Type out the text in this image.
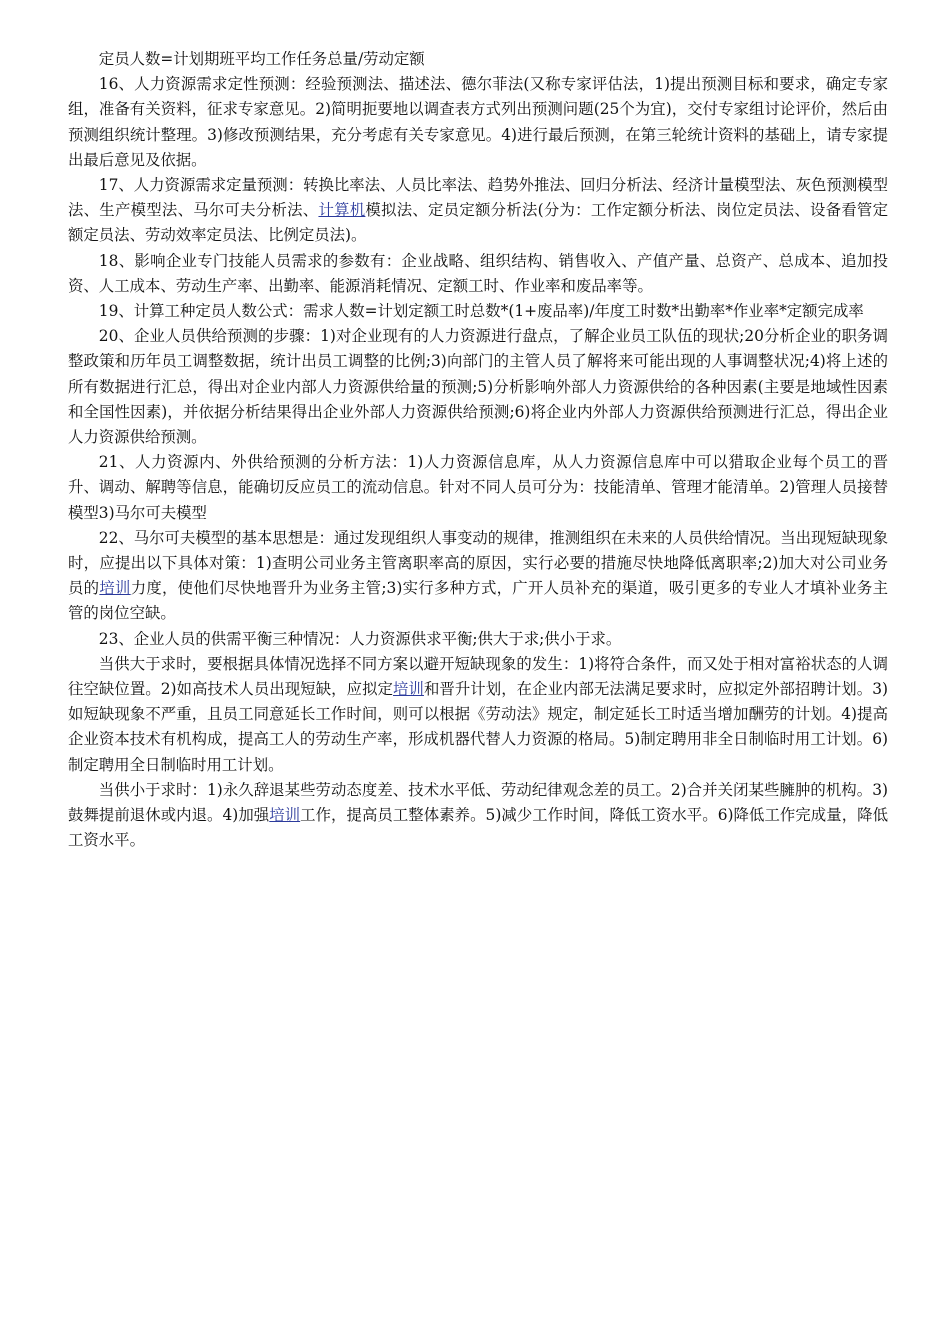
定员人数=计划期班平均工作任务总量/劳动定额

16、人力资源需求定性预测：经验预测法、描述法、德尔菲法(又称专家评估法，1)提出预测目标和要求，确定专家组，准备有关资料，征求专家意见。2)简明扼要地以调查表方式列出预测问题(25个为宜)，交付专家组讨论评价，然后由预测组织统计整理。3)修改预测结果，充分考虑有关专家意见。4)进行最后预测，在第三轮统计资料的基础上，请专家提出最后意见及依据。

17、人力资源需求定量预测：转换比率法、人员比率法、趋势外推法、回归分析法、经济计量模型法、灰色预测模型法、生产模型法、马尔可夫分析法、计算机模拟法、定员定额分析法(分为：工作定额分析法、岗位定员法、设备看管定额定员法、劳动效率定员法、比例定员法)。

18、影响企业专门技能人员需求的参数有：企业战略、组织结构、销售收入、产值产量、总资产、总成本、追加投资、人工成本、劳动生产率、出勤率、能源消耗情况、定额工时、作业率和废品率等。

19、计算工种定员人数公式：需求人数=计划定额工时总数*(1+废品率)/年度工时数*出勤率*作业率*定额完成率

20、企业人员供给预测的步骤：1)对企业现有的人力资源进行盘点，了解企业员工队伍的现状;20分析企业的职务调整政策和历年员工调整数据，统计出员工调整的比例;3)向部门的主管人员了解将来可能出现的人事调整状况;4)将上述的所有数据进行汇总，得出对企业内部人力资源供给量的预测;5)分析影响外部人力资源供给的各种因素(主要是地域性因素和全国性因素)，并依据分析结果得出企业外部人力资源供给预测;6)将企业内外部人力资源供给预测进行汇总，得出企业人力资源供给预测。

21、人力资源内、外供给预测的分析方法：1)人力资源信息库，从人力资源信息库中可以猎取企业每个员工的晋升、调动、解聘等信息，能确切反应员工的流动信息。针对不同人员可分为：技能清单、管理才能清单。2)管理人员接替模型3)马尔可夫模型

22、马尔可夫模型的基本思想是：通过发现组织人事变动的规律，推测组织在未来的人员供给情况。当出现短缺现象时，应提出以下具体对策：1)查明公司业务主管离职率高的原因，实行必要的措施尽快地降低离职率;2)加大对公司业务员的培训力度，使他们尽快地晋升为业务主管;3)实行多种方式，广开人员补充的渠道，吸引更多的专业人才填补业务主管的岗位空缺。

23、企业人员的供需平衡三种情况：人力资源供求平衡;供大于求;供小于求。

当供大于求时，要根据具体情况选择不同方案以避开短缺现象的发生：1)将符合条件，而又处于相对富裕状态的人调往空缺位置。2)如高技术人员出现短缺，应拟定培训和晋升计划，在企业内部无法满足要求时，应拟定外部招聘计划。3)如短缺现象不严重，且员工同意延长工作时间，则可以根据《劳动法》规定，制定延长工时适当增加酬劳的计划。4)提高企业资本技术有机构成，提高工人的劳动生产率，形成机器代替人力资源的格局。5)制定聘用非全日制临时用工计划。6)制定聘用全日制临时用工计划。

当供小于求时：1)永久辞退某些劳动态度差、技术水平低、劳动纪律观念差的员工。2)合并关闭某些臃肿的机构。3)鼓舞提前退休或内退。4)加强培训工作，提高员工整体素养。5)减少工作时间，降低工资水平。6)降低工作完成量，降低工资水平。
